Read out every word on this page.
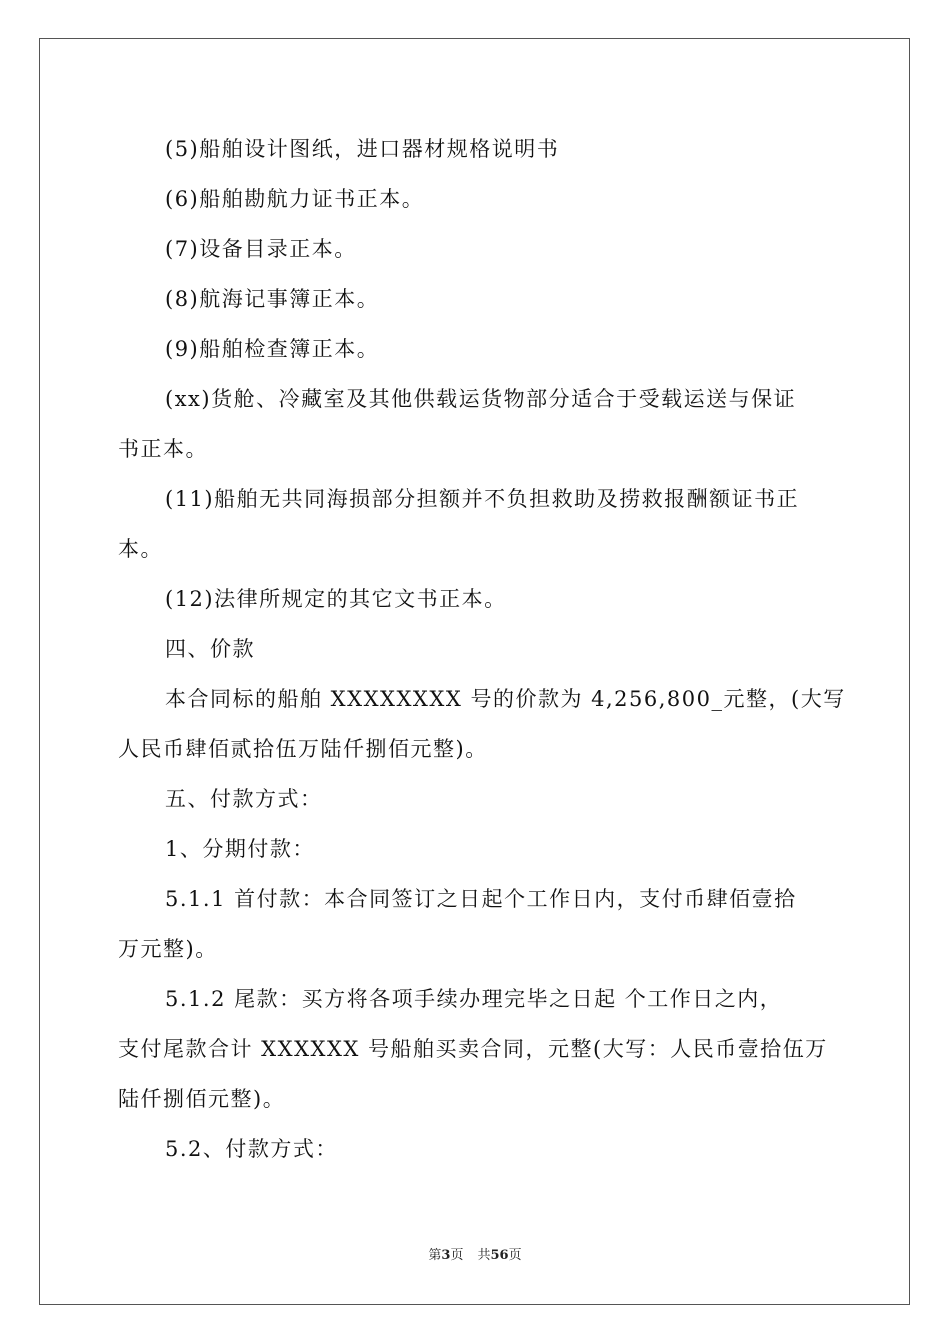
(5)船舶设计图纸，进口器材规格说明书
(6)船舶勘航力证书正本。
(7)设备目录正本。
(8)航海记事簿正本。
(9)船舶检查簿正本。
(xx)货舱、冷藏室及其他供载运货物部分适合于受载运送与保证
书正本。
(11)船舶无共同海损部分担额并不负担救助及捞救报酬额证书正
本。
(12)法律所规定的其它文书正本。
四、价款
本合同标的船舶 XXXXXXXX 号的价款为 4,256,800_元整，(大写
人民币肆佰贰拾伍万陆仟捌佰元整)。
五、付款方式：
1、分期付款：
5.1.1 首付款：本合同签订之日起个工作日内，支付币肆佰壹拾
万元整)。
5.1.2 尾款：买方将各项手续办理完毕之日起 个工作日之内，
支付尾款合计 XXXXXX 号船舶买卖合同，元整(大写：人民币壹拾伍万
陆仟捌佰元整)。
5.2、付款方式：
第3页 共56页
